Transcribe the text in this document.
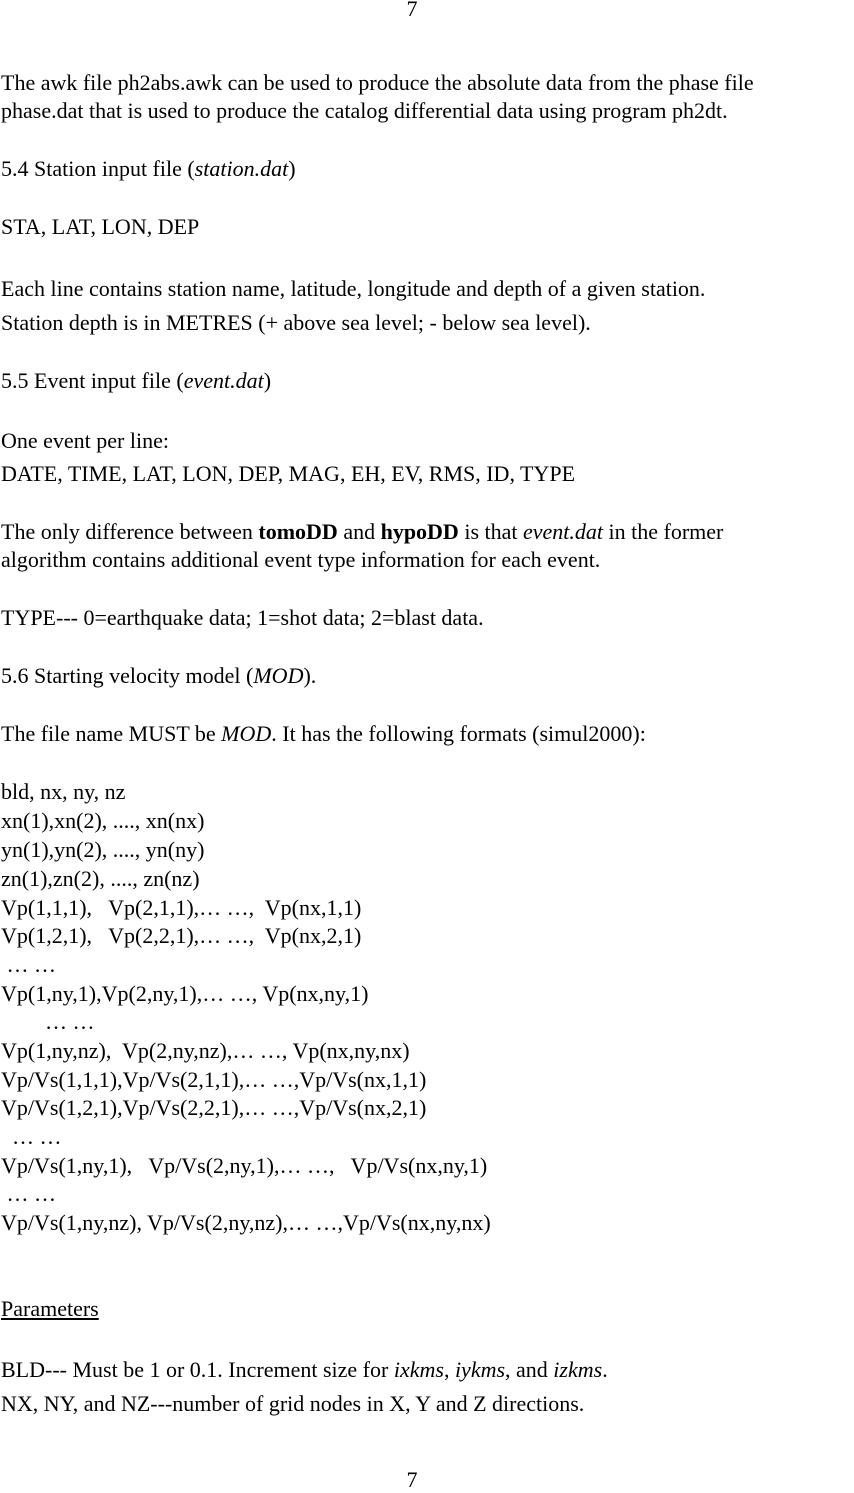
7
The awk file ph2abs.awk can be used to produce the absolute data from the phase file
phase.dat that is used to produce the catalog differential data using program ph2dt.
5.4 Station input file (station.dat)
STA, LAT, LON, DEP
Each line contains station name, latitude, longitude and depth of a given station.
Station depth is in METRES (+ above sea level; - below sea level).
5.5 Event input file (event.dat)
One event per line:
DATE, TIME, LAT, LON, DEP, MAG, EH, EV, RMS, ID, TYPE
The only difference between tomoDD and hypoDD is that event.dat in the former
algorithm contains additional event type information for each event.
TYPE--- 0=earthquake data; 1=shot data; 2=blast data.
5.6 Starting velocity model (MOD).
The file name MUST be MOD. It has the following formats (simul2000):
bld, nx, ny, nz
xn(1),xn(2), ...., xn(nx)
yn(1),yn(2), ...., yn(ny)
zn(1),zn(2), ...., zn(nz)
Vp(1,1,1),   Vp(2,1,1),… …,  Vp(nx,1,1)
Vp(1,2,1),   Vp(2,2,1),… …,  Vp(nx,2,1)
… …
Vp(1,ny,1),Vp(2,ny,1),… …, Vp(nx,ny,1)
… …
Vp(1,ny,nz),  Vp(2,ny,nz),… …, Vp(nx,ny,nx)
Vp/Vs(1,1,1),Vp/Vs(2,1,1),… …,Vp/Vs(nx,1,1)
Vp/Vs(1,2,1),Vp/Vs(2,2,1),… …,Vp/Vs(nx,2,1)
… …
Vp/Vs(1,ny,1),   Vp/Vs(2,ny,1),… …,   Vp/Vs(nx,ny,1)
… …
Vp/Vs(1,ny,nz), Vp/Vs(2,ny,nz),… …,Vp/Vs(nx,ny,nx)
Parameters
BLD--- Must be 1 or 0.1. Increment size for ixkms, iykms, and izkms.
NX, NY, and NZ---number of grid nodes in X, Y and Z directions.
7
